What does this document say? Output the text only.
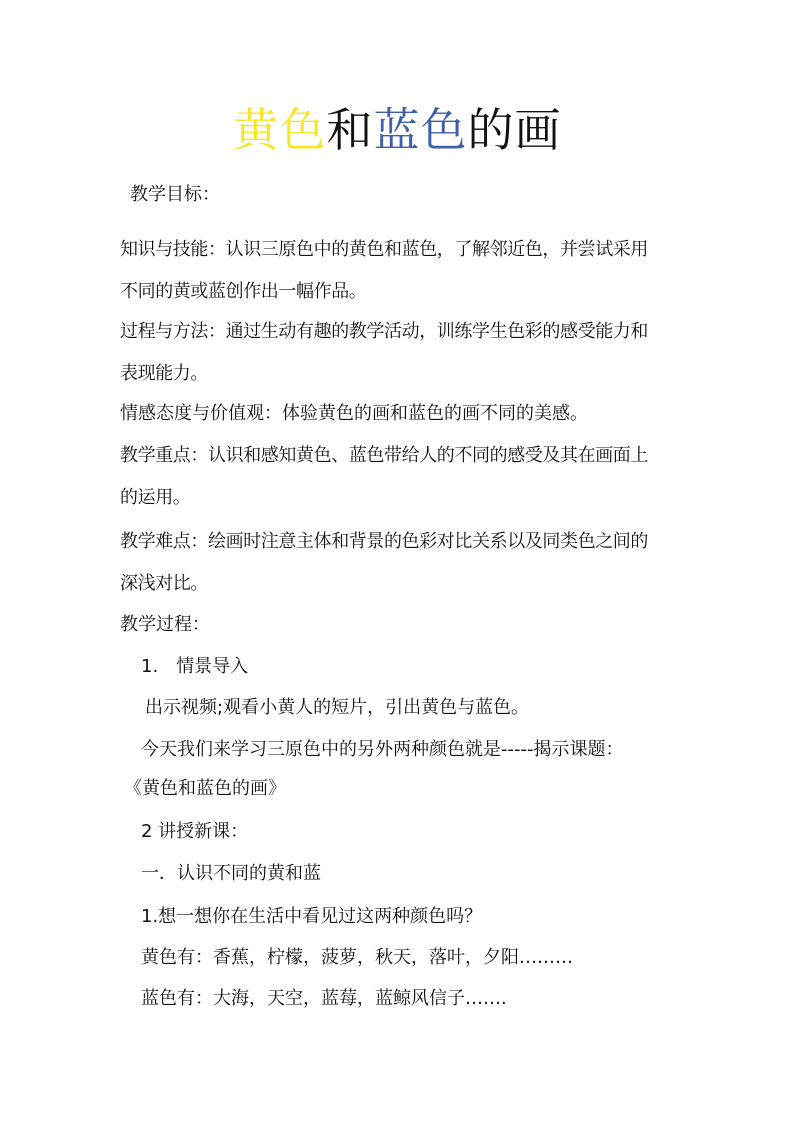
黄色和蓝色的画
教学目标：
知识与技能：认识三原色中的黄色和蓝色，了解邻近色，并尝试采用
不同的黄或蓝创作出一幅作品。
过程与方法：通过生动有趣的教学活动，训练学生色彩的感受能力和
表现能力。
情感态度与价值观：体验黄色的画和蓝色的画不同的美感。
教学重点：认识和感知黄色、蓝色带给人的不同的感受及其在画面上
的运用。
教学难点：绘画时注意主体和背景的色彩对比关系以及同类色之间的
深浅对比。
教学过程：
1. 情景导入
出示视频;观看小黄人的短片，引出黄色与蓝色。
今天我们来学习三原色中的另外两种颜色就是-----揭示课题：
《黄色和蓝色的画》
2 讲授新课：
一．认识不同的黄和蓝
1.想一想你在生活中看见过这两种颜色吗？
黄色有：香蕉，柠檬，菠萝，秋天，落叶，夕阳………
蓝色有：大海，天空，蓝莓，蓝鲸风信子…….
